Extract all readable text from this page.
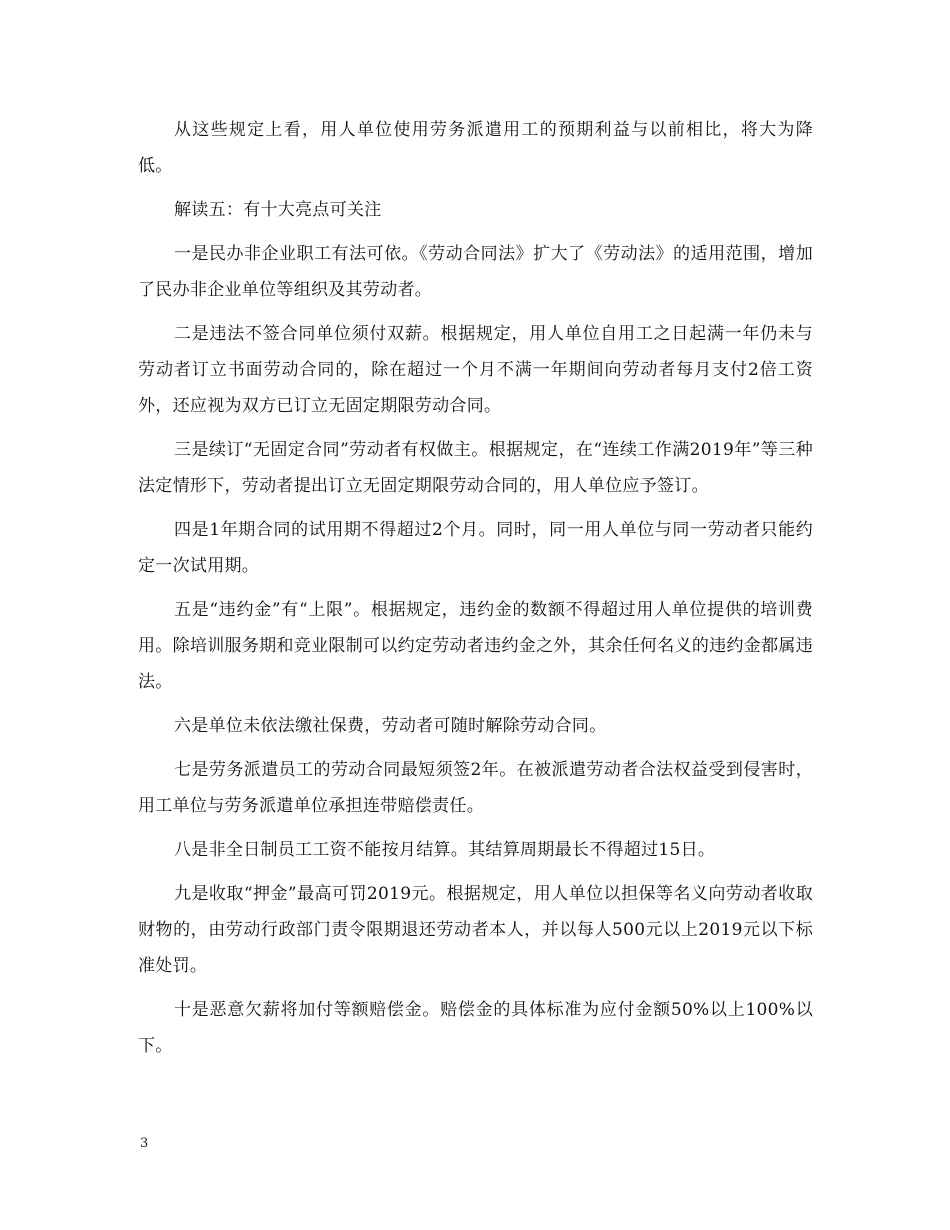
从这些规定上看，用人单位使用劳务派遣用工的预期利益与以前相比，将大为降低。

解读五：有十大亮点可关注

一是民办非企业职工有法可依。《劳动合同法》扩大了《劳动法》的适用范围，增加了民办非企业单位等组织及其劳动者。

二是违法不签合同单位须付双薪。根据规定，用人单位自用工之日起满一年仍未与劳动者订立书面劳动合同的，除在超过一个月不满一年期间向劳动者每月支付2倍工资外，还应视为双方已订立无固定期限劳动合同。

三是续订“无固定合同”劳动者有权做主。根据规定，在“连续工作满2019年”等三种法定情形下，劳动者提出订立无固定期限劳动合同的，用人单位应予签订。

四是1年期合同的试用期不得超过2个月。同时，同一用人单位与同一劳动者只能约定一次试用期。

五是“违约金”有“上限”。根据规定，违约金的数额不得超过用人单位提供的培训费用。除培训服务期和竞业限制可以约定劳动者违约金之外，其余任何名义的违约金都属违法。

六是单位未依法缴社保费，劳动者可随时解除劳动合同。

七是劳务派遣员工的劳动合同最短须签2年。在被派遣劳动者合法权益受到侵害时，用工单位与劳务派遣单位承担连带赔偿责任。

八是非全日制员工工资不能按月结算。其结算周期最长不得超过15日。

九是收取“押金”最高可罚2019元。根据规定，用人单位以担保等名义向劳动者收取财物的，由劳动行政部门责令限期退还劳动者本人，并以每人500元以上2019元以下标准处罚。

十是恶意欠薪将加付等额赔偿金。赔偿金的具体标准为应付金额50%以上100%以下。

3
